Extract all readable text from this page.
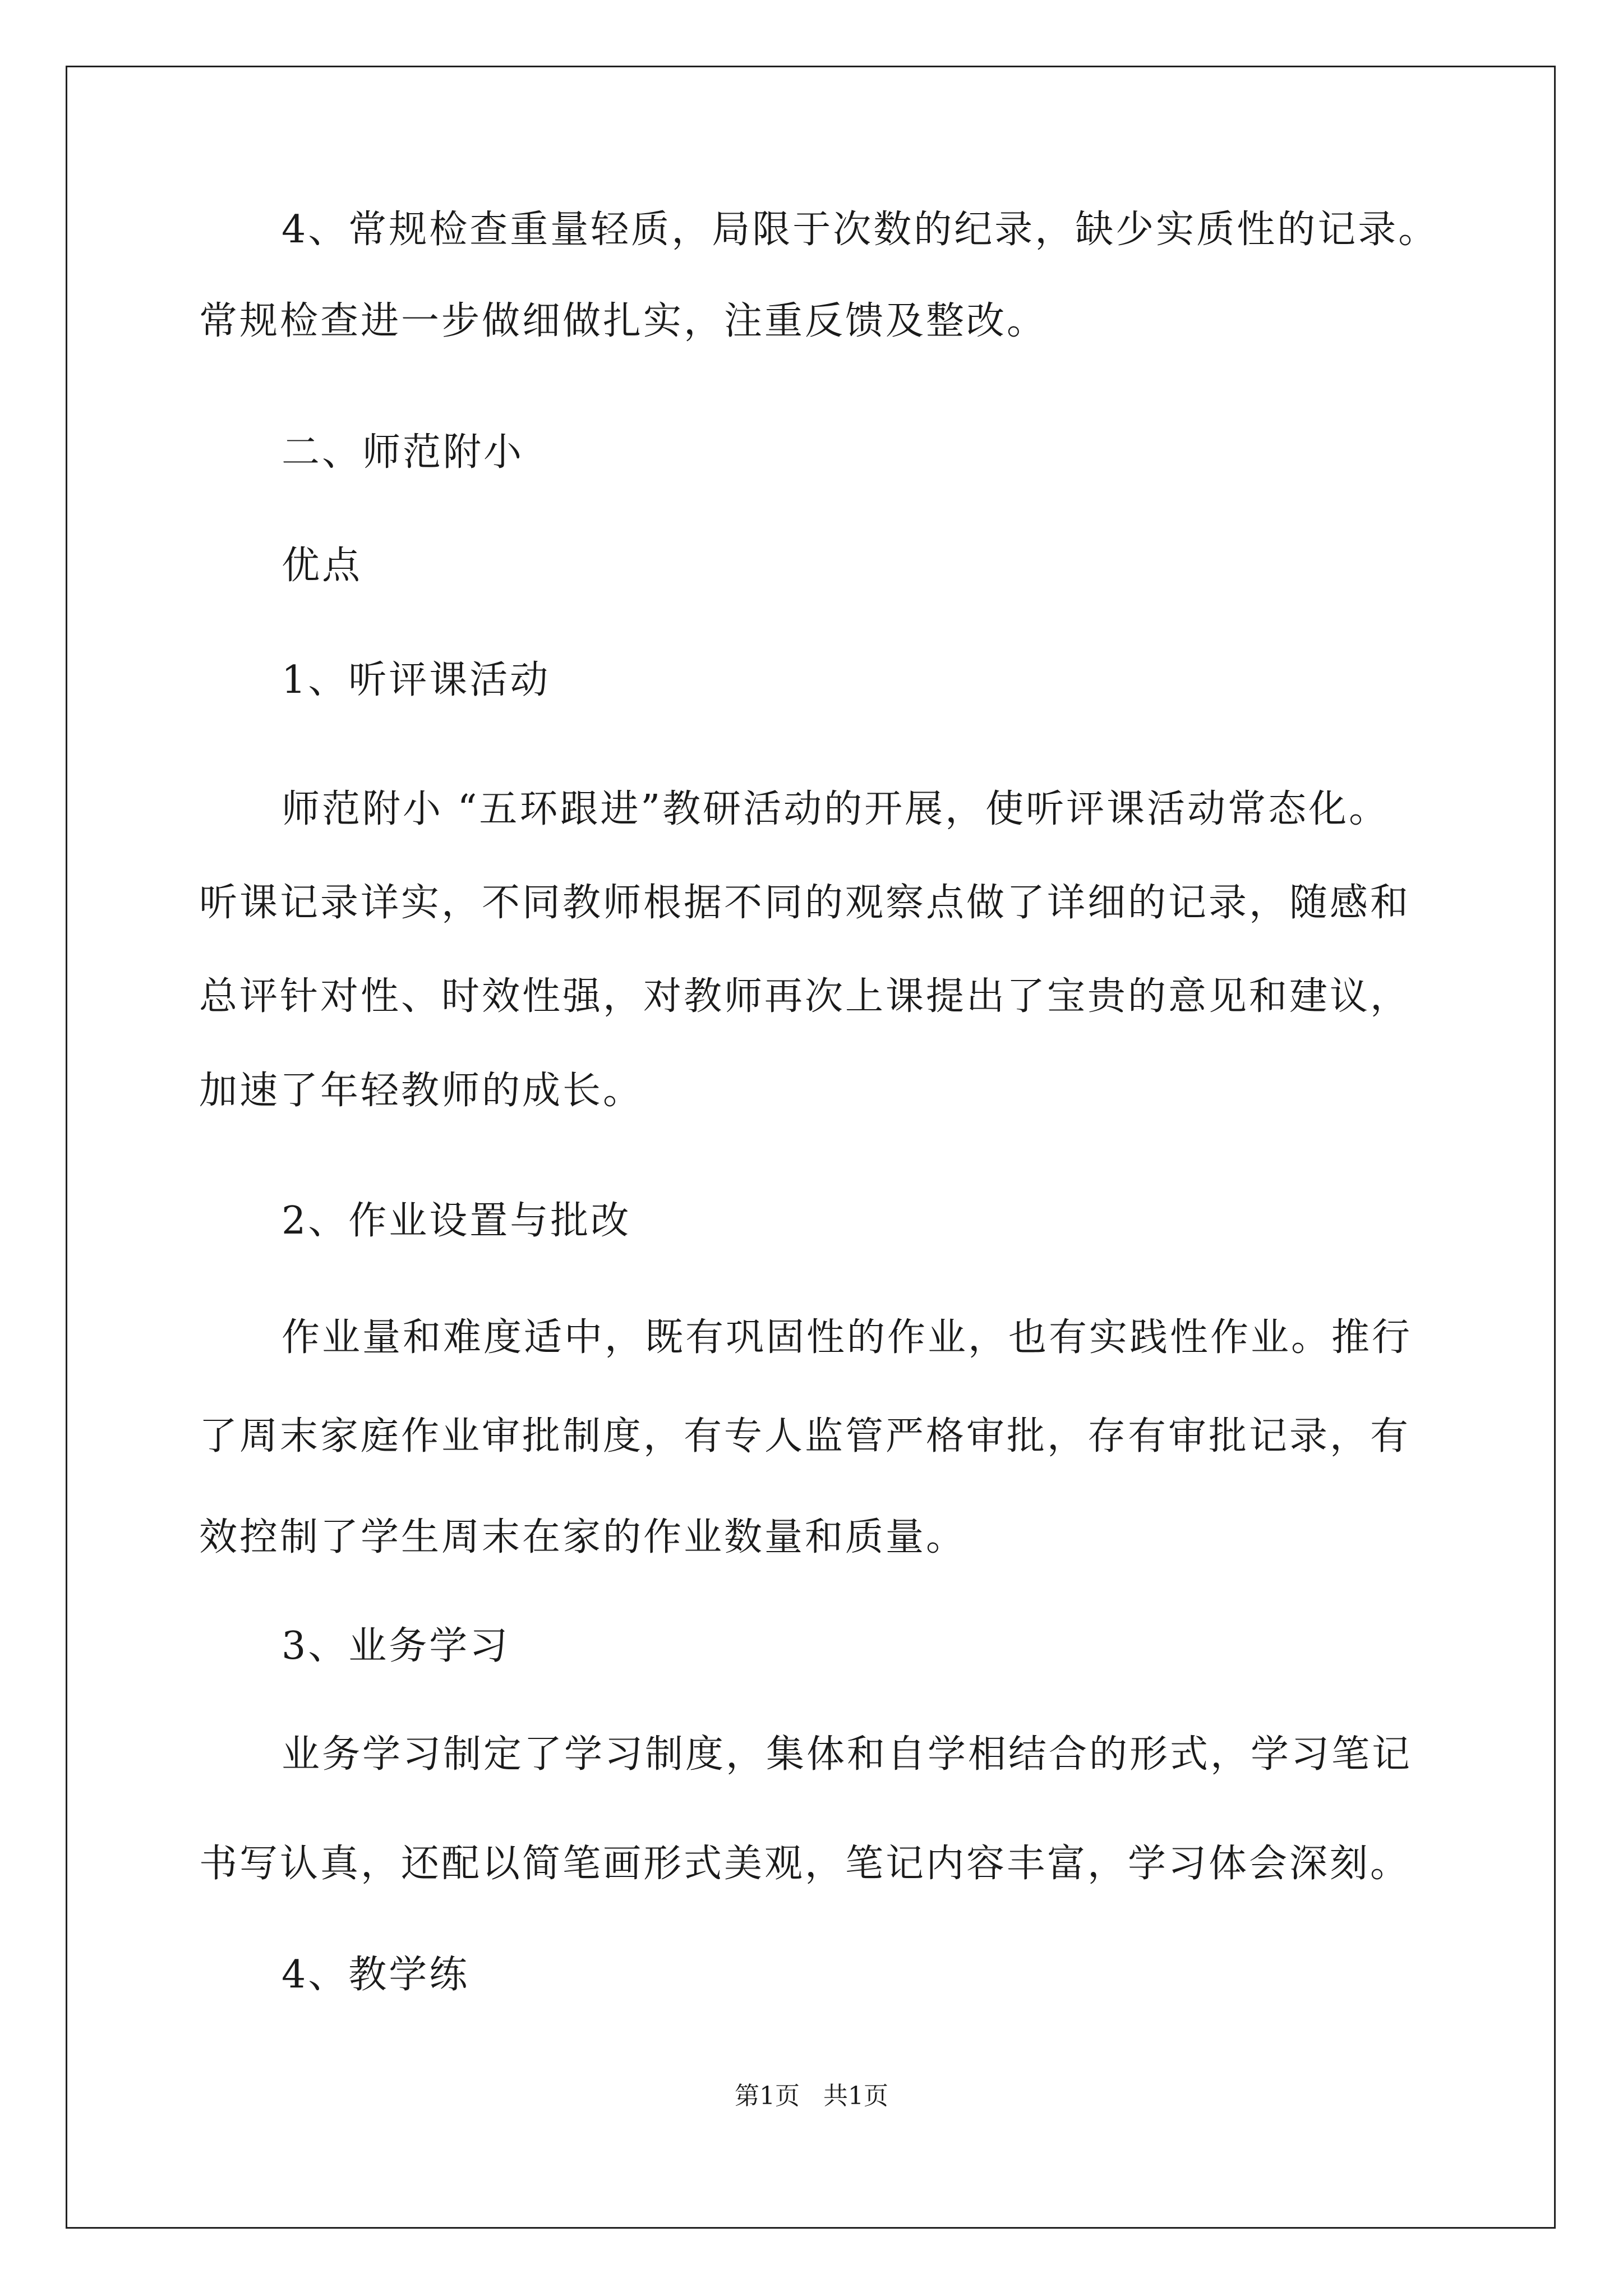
4、常规检查重量轻质，局限于次数的纪录，缺少实质性的记录。
常规检查进一步做细做扎实，注重反馈及整改。
二、师范附小
优点
1、听评课活动
师范附小 “五环跟进”教研活动的开展，使听评课活动常态化。
听课记录详实，不同教师根据不同的观察点做了详细的记录，随感和
总评针对性、时效性强，对教师再次上课提出了宝贵的意见和建议，
加速了年轻教师的成长。
2、作业设置与批改
作业量和难度适中，既有巩固性的作业，也有实践性作业。推行
了周末家庭作业审批制度，有专人监管严格审批，存有审批记录，有
效控制了学生周末在家的作业数量和质量。
3、业务学习
业务学习制定了学习制度，集体和自学相结合的形式，学习笔记
书写认真，还配以简笔画形式美观，笔记内容丰富，学习体会深刻。
4、教学练
第1页   共1页
